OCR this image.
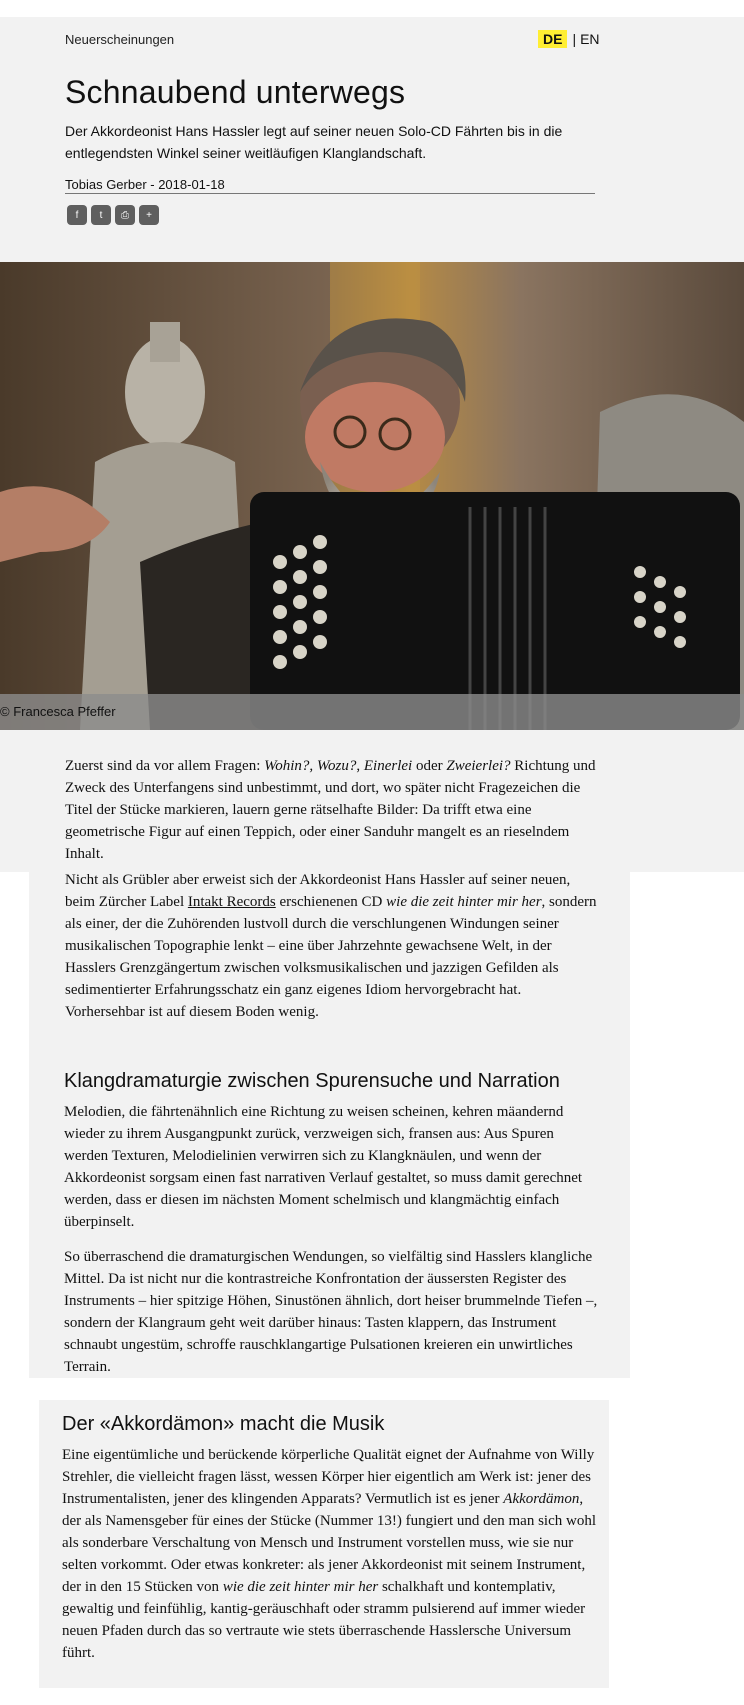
Neuerscheinungen	DE | EN
Schnaubend unterwegs

Der Akkordeonist Hans Hassler legt auf seiner neuen Solo-CD Fährten bis in die entlegendsten Winkel seiner weitläufigen Klanglandschaft.

Tobias Gerber - 2018-01-18
f	t	⎙	+
© Francesca Pfeffer

Zuerst sind da vor allem Fragen: Wohin?, Wozu?, Einerlei oder Zweierlei? Richtung und Zweck des Unterfangens sind unbestimmt, und dort, wo später nicht Fragezeichen die Titel der Stücke markieren, lauern gerne rätselhafte Bilder: Da trifft etwa eine geometrische Figur auf einen Teppich, oder einer Sanduhr mangelt es an rieselndem Inhalt.

Nicht als Grübler aber erweist sich der Akkordeonist Hans Hassler auf seiner neuen, beim Zürcher Label Intakt Records erschienenen CD wie die zeit hinter mir her, sondern als einer, der die Zuhörenden lustvoll durch die verschlungenen Windungen seiner musikalischen Topographie lenkt – eine über Jahrzehnte gewachsene Welt, in der Hasslers Grenzgängertum zwischen volksmusikalischen und jazzigen Gefilden als sedimentierter Erfahrungsschatz ein ganz eigenes Idiom hervorgebracht hat. Vorhersehbar ist auf diesem Boden wenig.

Klangdramaturgie zwischen Spurensuche und Narration

Melodien, die fährtenähnlich eine Richtung zu weisen scheinen, kehren mäandernd wieder zu ihrem Ausgangpunkt zurück, verzweigen sich, fransen aus: Aus Spuren werden Texturen, Melodielinien verwirren sich zu Klangknäulen, und wenn der Akkordeonist sorgsam einen fast narrativen Verlauf gestaltet, so muss damit gerechnet werden, dass er diesen im nächsten Moment schelmisch und klangmächtig einfach überpinselt.

So überraschend die dramaturgischen Wendungen, so vielfältig sind Hasslers klangliche Mittel. Da ist nicht nur die kontrastreiche Konfrontation der äussersten Register des Instruments – hier spitzige Höhen, Sinustönen ähnlich, dort heiser brummelnde Tiefen –, sondern der Klangraum geht weit darüber hinaus: Tasten klappern, das Instrument schnaubt ungestüm, schroffe rauschklangartige Pulsationen kreieren ein unwirtliches Terrain.

Der «Akkordämon» macht die Musik

Eine eigentümliche und berückende körperliche Qualität eignet der Aufnahme von Willy Strehler, die vielleicht fragen lässt, wessen Körper hier eigentlich am Werk ist: jener des Instrumentalisten, jener des klingenden Apparats? Vermutlich ist es jener Akkordämon, der als Namensgeber für eines der Stücke (Nummer 13!) fungiert und den man sich wohl als sonderbare Verschaltung von Mensch und Instrument vorstellen muss, wie sie nur selten vorkommt. Oder etwas konkreter: als jener Akkordeonist mit seinem Instrument, der in den 15 Stücken von wie die zeit hinter mir her schalkhaft und kontemplativ, gewaltig und feinfühlig, kantig-geräuschhaft oder stramm pulsierend auf immer wieder neuen Pfaden durch das so vertraute wie stets überraschende Hasslersche Universum führt.
